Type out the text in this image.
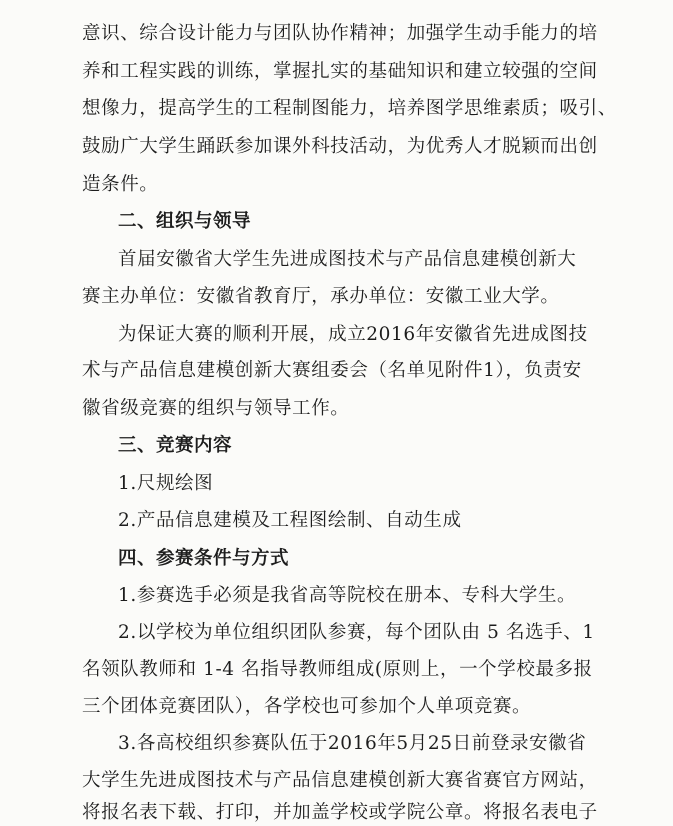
意识、综合设计能力与团队协作精神；加强学生动手能力的培
养和工程实践的训练，掌握扎实的基础知识和建立较强的空间
想像力，提高学生的工程制图能力，培养图学思维素质；吸引、
鼓励广大学生踊跃参加课外科技活动，为优秀人才脱颖而出创
造条件。
二、组织与领导
首届安徽省大学生先进成图技术与产品信息建模创新大
赛主办单位：安徽省教育厅，承办单位：安徽工业大学。
为保证大赛的顺利开展，成立2016年安徽省先进成图技
术与产品信息建模创新大赛组委会（名单见附件1），负责安
徽省级竞赛的组织与领导工作。
三、竞赛内容
1.尺规绘图
2.产品信息建模及工程图绘制、自动生成
四、参赛条件与方式
1.参赛选手必须是我省高等院校在册本、专科大学生。
2.以学校为单位组织团队参赛，每个团队由 5 名选手、1
名领队教师和 1-4 名指导教师组成(原则上，一个学校最多报
三个团体竞赛团队），各学校也可参加个人单项竞赛。
3.各高校组织参赛队伍于2016年5月25日前登录安徽省
大学生先进成图技术与产品信息建模创新大赛省赛官方网站，
将报名表下载、打印，并加盖学校或学院公章。将报名表电子
